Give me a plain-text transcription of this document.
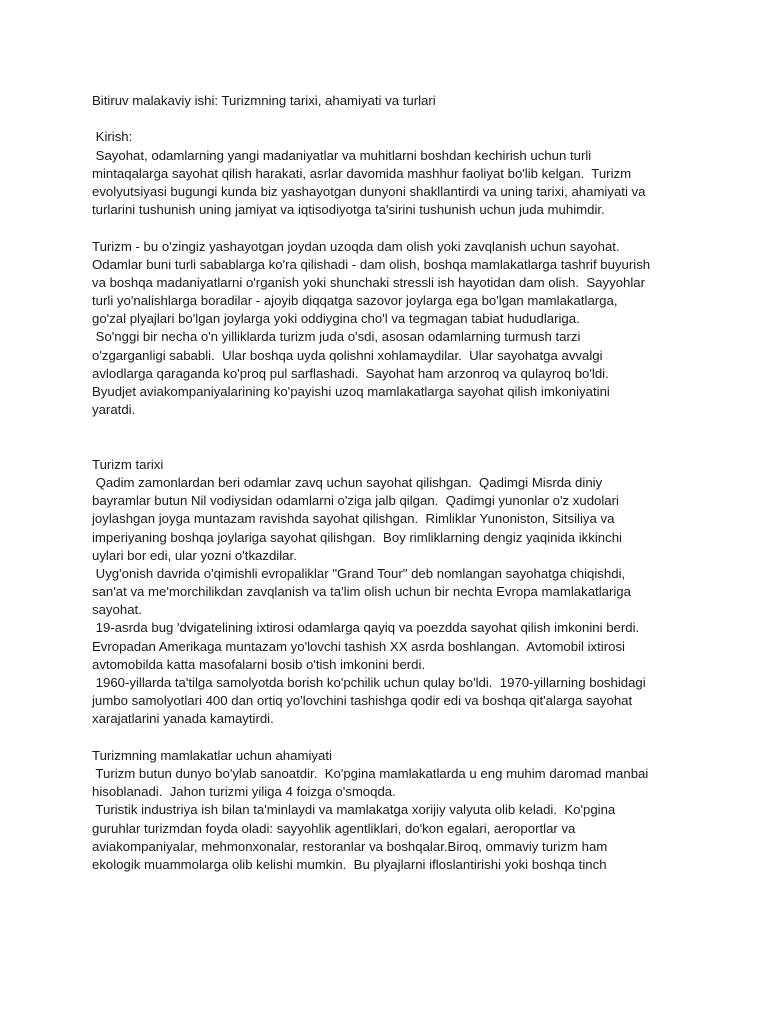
Bitiruv malakaviy ishi: Turizmning tarixi, ahamiyati va turlari
Kirish:
Sayohat, odamlarning yangi madaniyatlar va muhitlarni boshdan kechirish uchun turli
mintaqalarga sayohat qilish harakati, asrlar davomida mashhur faoliyat bo'lib kelgan.  Turizm
evolyutsiyasi bugungi kunda biz yashayotgan dunyoni shakllantirdi va uning tarixi, ahamiyati va
turlarini tushunish uning jamiyat va iqtisodiyotga ta'sirini tushunish uchun juda muhimdir.
Turizm - bu o'zingiz yashayotgan joydan uzoqda dam olish yoki zavqlanish uchun sayohat.
Odamlar buni turli sabablarga ko'ra qilishadi - dam olish, boshqa mamlakatlarga tashrif buyurish
va boshqa madaniyatlarni o'rganish yoki shunchaki stressli ish hayotidan dam olish.  Sayyohlar
turli yo'nalishlarga boradilar - ajoyib diqqatga sazovor joylarga ega bo'lgan mamlakatlarga,
go'zal plyajlari bo'lgan joylarga yoki oddiygina cho'l va tegmagan tabiat hududlariga.
So'nggi bir necha o'n yilliklarda turizm juda o'sdi, asosan odamlarning turmush tarzi
o'zgarganligi sababli.  Ular boshqa uyda qolishni xohlamaydilar.  Ular sayohatga avvalgi
avlodlarga qaraganda ko'proq pul sarflashadi.  Sayohat ham arzonroq va qulayroq bo'ldi.
Byudjet aviakompaniyalarining ko'payishi uzoq mamlakatlarga sayohat qilish imkoniyatini
yaratdi.
Turizm tarixi
Qadim zamonlardan beri odamlar zavq uchun sayohat qilishgan.  Qadimgi Misrda diniy
bayramlar butun Nil vodiysidan odamlarni o'ziga jalb qilgan.  Qadimgi yunonlar o'z xudolari
joylashgan joyga muntazam ravishda sayohat qilishgan.  Rimliklar Yunoniston, Sitsiliya va
imperiyaning boshqa joylariga sayohat qilishgan.  Boy rimliklarning dengiz yaqinida ikkinchi
uylari bor edi, ular yozni o'tkazdilar.
Uyg'onish davrida o'qimishli evropaliklar "Grand Tour" deb nomlangan sayohatga chiqishdi,
san'at va me'morchilikdan zavqlanish va ta'lim olish uchun bir nechta Evropa mamlakatlariga
sayohat.
19-asrda bug 'dvigatelining ixtirosi odamlarga qayiq va poezdda sayohat qilish imkonini berdi.
Evropadan Amerikaga muntazam yo'lovchi tashish XX asrda boshlangan.  Avtomobil ixtirosi
avtomobilda katta masofalarni bosib o'tish imkonini berdi.
1960-yillarda ta'tilga samolyotda borish ko'pchilik uchun qulay bo'ldi.  1970-yillarning boshidagi
jumbo samolyotlari 400 dan ortiq yo'lovchini tashishga qodir edi va boshqa qit'alarga sayohat
xarajatlarini yanada kamaytirdi.
Turizmning mamlakatlar uchun ahamiyati
Turizm butun dunyo bo'ylab sanoatdir.  Ko'pgina mamlakatlarda u eng muhim daromad manbai
hisoblanadi.  Jahon turizmi yiliga 4 foizga o'smoqda.
Turistik industriya ish bilan ta'minlaydi va mamlakatga xorijiy valyuta olib keladi.  Ko'pgina
guruhlar turizmdan foyda oladi: sayyohlik agentliklari, do'kon egalari, aeroportlar va
aviakompaniyalar, mehmonxonalar, restoranlar va boshqalar.Biroq, ommaviy turizm ham
ekologik muammolarga olib kelishi mumkin.  Bu plyajlarni ifloslantirishi yoki boshqa tinch
